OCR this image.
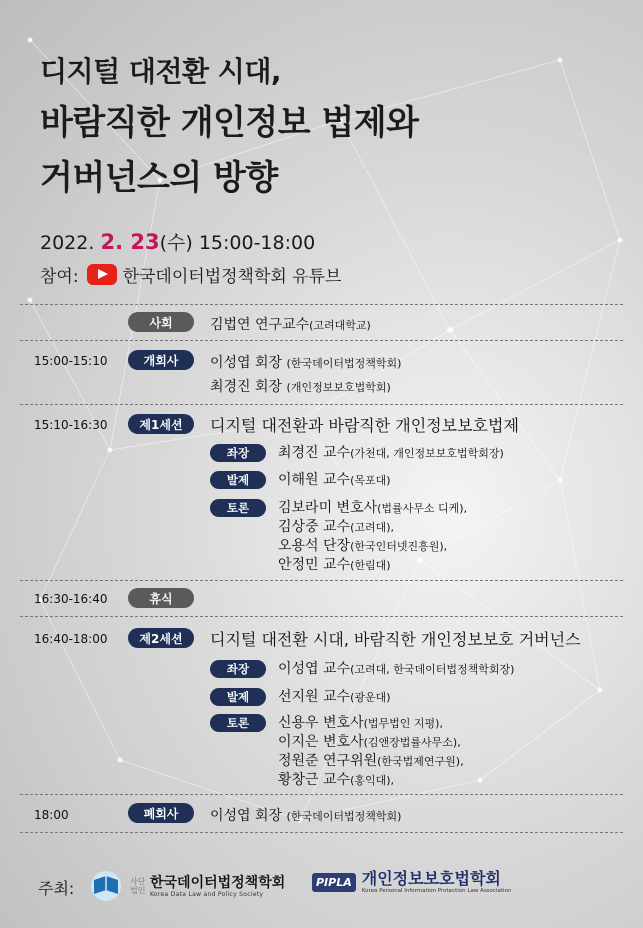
디지털 대전환 시대,
바람직한 개인정보 법제와
거버넌스의 방향
2022. 2. 23(수) 15:00-18:00
참여:	한국데이터법정책학회 유튜브
사회	김법연 연구교수(고려대학교)
15:00-15:10	개회사	이성엽 회장 (한국데이터법정책학회)
최경진 회장 (개인정보보호법학회)
15:10-16:30	제1세션	디지털 대전환과 바람직한 개인정보보호법제
좌장	최경진 교수(가천대, 개인정보보호법학회장)
발제	이해원 교수(목포대)
토론	김보라미 변호사(법률사무소 디케),
김상중 교수(고려대),
오용석 단장(한국인터넷진흥원),
안정민 교수(한림대)
16:30-16:40	휴식
16:40-18:00	제2세션	디지털 대전환 시대, 바람직한 개인정보보호 거버넌스
좌장	이성엽 교수(고려대, 한국데이터법정책학회장)
발제	선지원 교수(광운대)
토론	신용우 변호사(법무법인 지평),
이지은 변호사(김앤장법률사무소),
정원준 연구위원(한국법제연구원),
황창근 교수(홍익대),
18:00	폐회사	이성엽 회장 (한국데이터법정책학회)
주최:	사단법인 한국데이터법정책학회
Korea Data Law and Policy Society
PIPLA 개인정보보호법학회
Korea Personal Information Protection Law Association
